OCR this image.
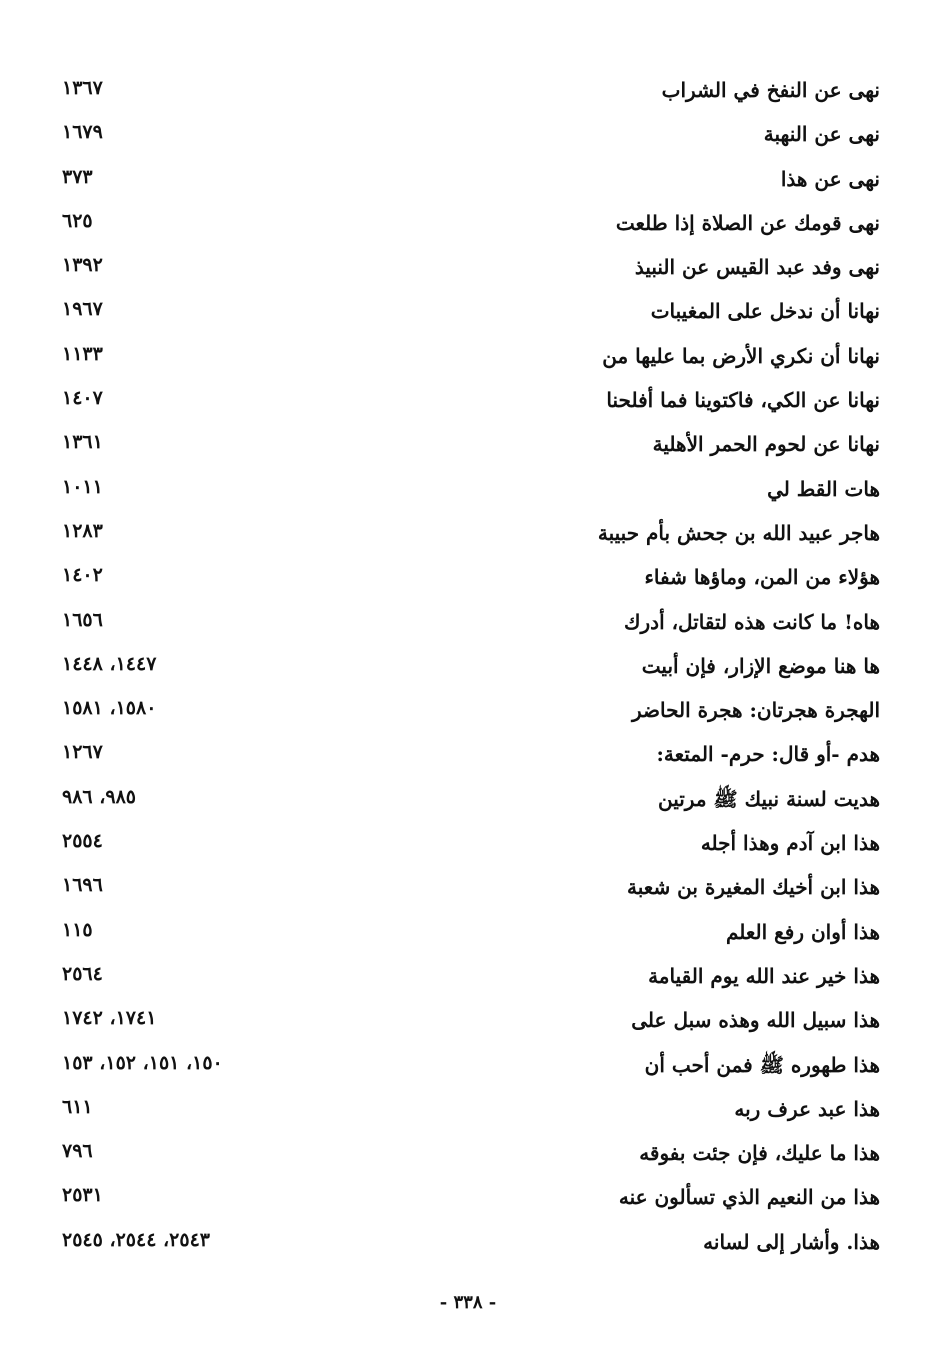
نهى عن النفخ في الشراب
١٣٦٧
نهى عن النهبة
١٦٧٩
نهى عن هذا
٣٧٣
نهى قومك عن الصلاة إذا طلعت
٦٢٥
نهى وفد عبد القيس عن النبيذ
١٣٩٢
نهانا أن ندخل على المغيبات
١٩٦٧
نهانا أن نكري الأرض بما عليها من
١١٣٣
نهانا عن الكي، فاكتوينا فما أفلحنا
١٤٠٧
نهانا عن لحوم الحمر الأهلية
١٣٦١
هات القط لي
١٠١١
هاجر عبيد الله بن جحش بأم حبيبة
١٢٨٣
هؤلاء من المن، وماؤها شفاء
١٤٠٢
هاه! ما كانت هذه لتقاتل، أدرك
١٦٥٦
ها هنا موضع الإزار، فإن أبيت
١٤٤٧، ١٤٤٨
الهجرة هجرتان: هجرة الحاضر
١٥٨٠، ١٥٨١
هدم -أو قال: حرم- المتعة:
١٢٦٧
هديت لسنة نبيك ﷺ مرتين
٩٨٥، ٩٨٦
هذا ابن آدم وهذا أجله
٢٥٥٤
هذا ابن أخيك المغيرة بن شعبة
١٦٩٦
هذا أوان رفع العلم
١١٥
هذا خير عند الله يوم القيامة
٢٥٦٤
هذا سبيل الله وهذه سبل على
١٧٤١، ١٧٤٢
هذا طهوره ﷺ فمن أحب أن
١٥٠، ١٥١، ١٥٢، ١٥٣
هذا عبد عرف ربه
٦١١
هذا ما عليك، فإن جئت بفوقه
٧٩٦
هذا من النعيم الذي تسألون عنه
٢٥٣١
هذا. وأشار إلى لسانه
٢٥٤٣، ٢٥٤٤، ٢٥٤٥
- ٣٣٨ -
